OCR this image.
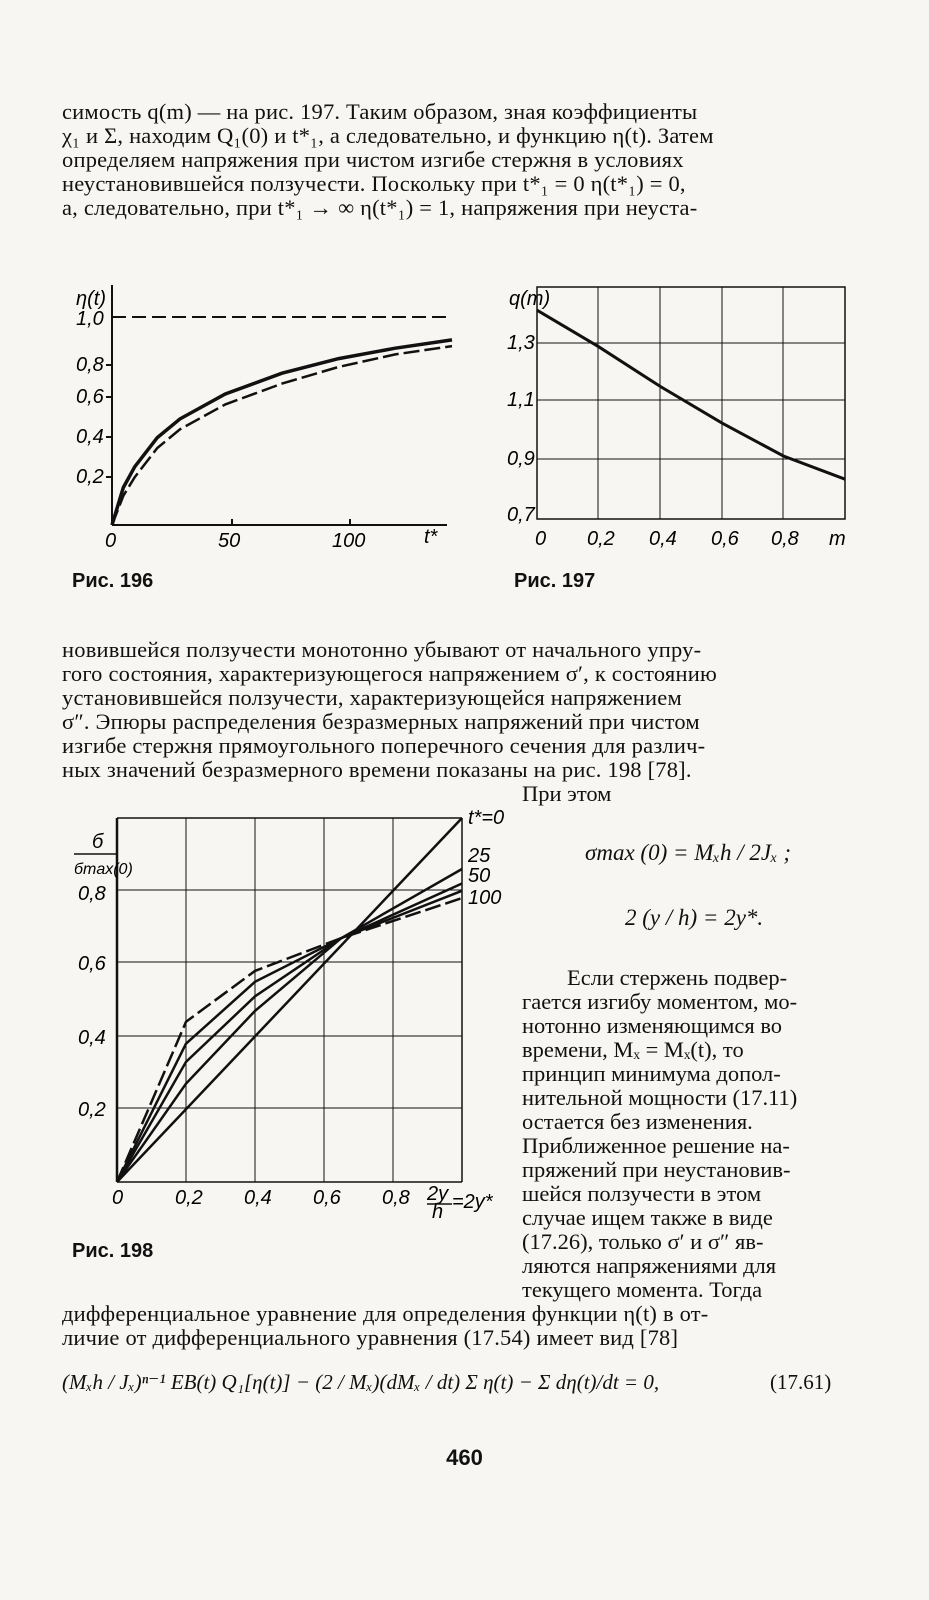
симость q(m) — на рис. 197. Таким образом, зная коэффициенты
χ₁ и Σ, находим Q₁(0) и t*₁, а следовательно, и функцию η(t). Затем
определяем напряжения при чистом изгибе стержня в условиях
неустановившейся ползучести. Поскольку при t*₁ = 0 η(t*₁) = 0,
а, следовательно, при t*₁ → ∞ η(t*₁) = 1, напряжения при неуста-
η(t)
1,0
0,8
0,6
0,4
0,2
0	50	100	t*
Рис. 196
q(m)
1,3
1,1
0,9
0,7
0 0,2 0,4 0,6 0,8 m
Рис. 197
новившейся ползучести монотонно убывают от начального упру-
гого состояния, характеризующегося напряжением σ′, к состоянию
установившейся ползучести, характеризующейся напряжением
σ″. Эпюры распределения безразмерных напряжений при чистом
изгибе стержня прямоугольного поперечного сечения для различ-
ных значений безразмерного времени показаны на рис. 198 [78].
б
бmax(0)
0,8
0,6
0,4
0,2
0	0,2 0,4 0,6 0,8 2y
h =2y*
t*=0
25
50
100
Рис. 198
При этом
σmax (0) = Mₓh / 2Jₓ ;
2 (y / h) = 2y*.
Если стержень подвер-
гается изгибу моментом, мо-
нотонно изменяющимся во
времени, Mₓ = Mₓ(t), то
принцип минимума допол-
нительной мощности (17.11)
остается без изменения.
Приближенное решение на-
пряжений при неустановив-
шейся ползучести в этом
случае ищем также в виде
(17.26), только σ′ и σ″ яв-
ляются напряжениями для
текущего момента. Тогда
дифференциальное уравнение для определения функции η(t) в от-
личие от дифференциального уравнения (17.54) имеет вид [78]
(Mₓh / Jₓ)ⁿ⁻¹ EB(t) Q₁[η(t)] − (2 / Mₓ)(dMₓ / dt) Σ η(t) − Σ dη(t)/dt = 0,	(17.61)
460
